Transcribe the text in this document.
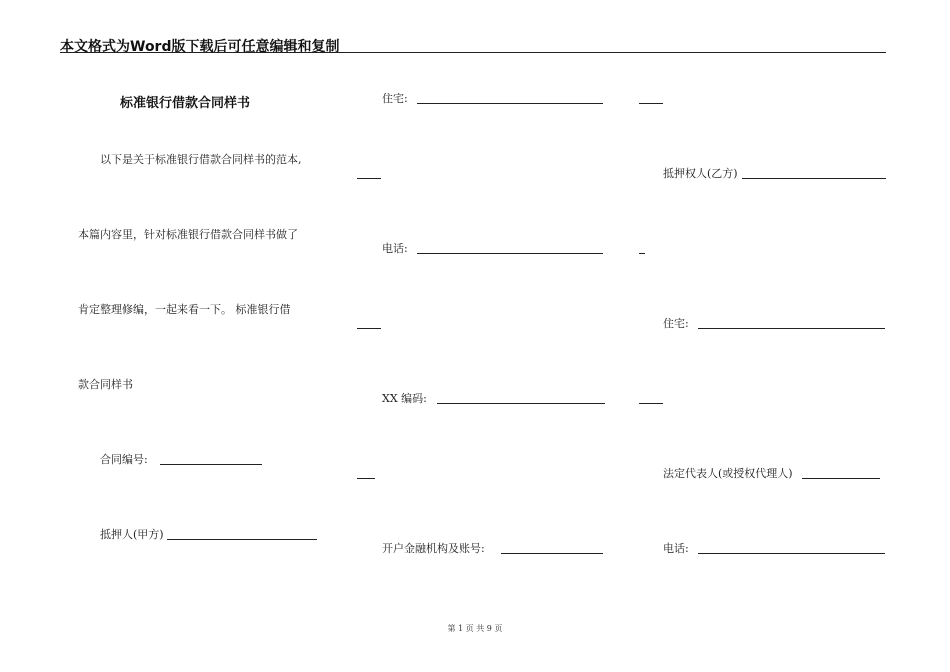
本文格式为Word版下载后可任意编辑和复制
标准银行借款合同样书
以下是关于标准银行借款合同样书的范本,
本篇内容里，针对标准银行借款合同样书做了
肯定整理修编，一起来看一下。 标准银行借
款合同样书
合同编号:
抵押人(甲方)
住宅:
电话:
XX 编码:
开户金融机构及账号:
抵押权人(乙方)
住宅:
法定代表人(或授权代理人)
电话:
第 1 页 共 9 页
